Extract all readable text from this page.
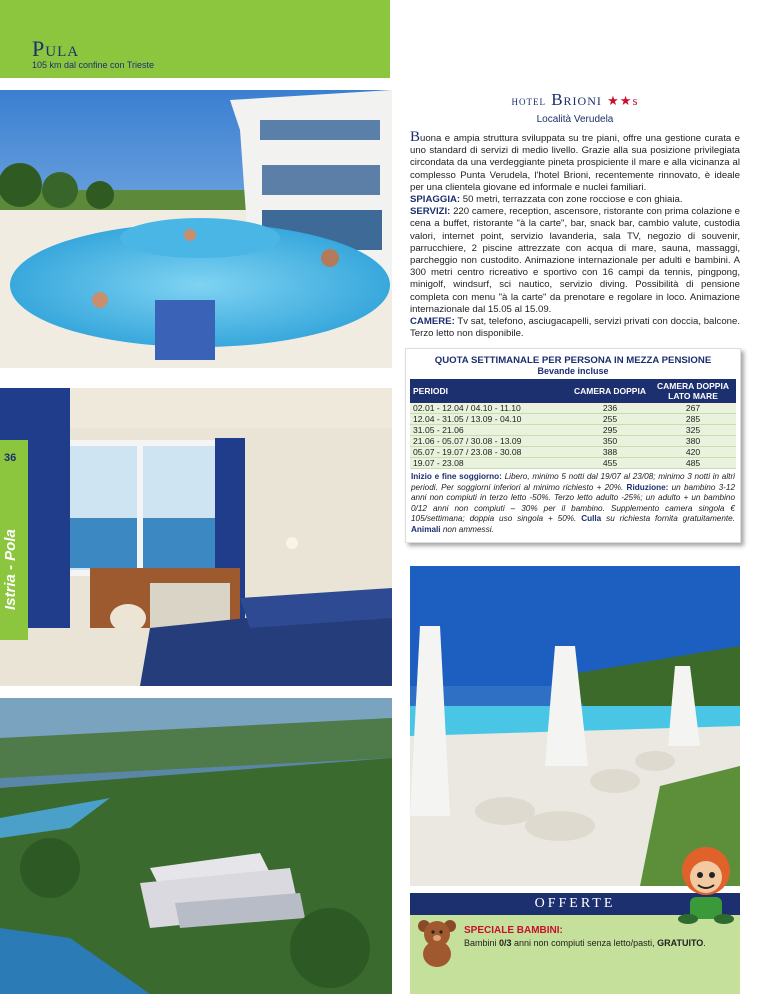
Pula
105 km dal confine con Trieste
Istria - Pola
36
hotel Brioni ★★s
Località Verudela
Buona e ampia struttura sviluppata su tre piani, offre una gestione curata e uno standard di servizi di medio livello. Grazie alla sua posizione privilegiata circondata da una verdeggiante pineta prospiciente il mare e alla vicinanza al complesso Punta Verudela, l'hotel Brioni, recentemente rinnovato, è ideale per una clientela giovane ed informale e nuclei familiari.
SPIAGGIA: 50 metri, terrazzata con zone rocciose e con ghiaia.
SERVIZI: 220 camere, reception, ascensore, ristorante con prima colazione e cena a buffet, ristorante "à la carte", bar, snack bar, cambio valute, custodia valori, internet point, servizio lavanderia, sala TV, negozio di souvenir, parrucchiere, 2 piscine attrezzate con acqua di mare, sauna, massaggi, parcheggio non custodito. Animazione internazionale per adulti e bambini. A 300 metri centro ricreativo e sportivo con 16 campi da tennis, pingpong, minigolf, windsurf, sci nautico, servizio diving. Possibilità di pensione completa con menu "à la carte" da prenotare e regolare in loco. Animazione internazionale dal 15.05 al 15.09.
CAMERE: Tv sat, telefono, asciugacapelli, servizi privati con doccia, balcone. Terzo letto non disponibile.
QUOTA SETTIMANALE PER PERSONA IN MEZZA PENSIONE
Bevande incluse
PERIODI	CAMERA DOPPIA	CAMERA DOPPIA LATO MARE
02.01 - 12.04 / 04.10 - 11.10	236	267
12.04 - 31.05 / 13.09 - 04.10	255	285
31.05 - 21.06	295	325
21.06 - 05.07 / 30.08 - 13.09	350	380
05.07 - 19.07 / 23.08 - 30.08	388	420
19.07 - 23.08	455	485
Inizio e fine soggiorno: Libero, minimo 5 notti dal 19/07 al 23/08; minimo 3 notti in altri periodi. Per soggiorni inferiori al minimo richiesto + 20%. Riduzione: un bambino 3-12 anni non compiuti in terzo letto -50%. Terzo letto adulto -25%; un adulto + un bambino 0/12 anni non compiuti – 30% per il bambino. Supplemento camera singola € 105/settimana; doppia uso singola + 50%. Culla su richiesta fornita gratuitamente. Animali non ammessi.
OFFERTE
SPECIALE BAMBINI:
Bambini 0/3 anni non compiuti senza letto/pasti, GRATUITO.
